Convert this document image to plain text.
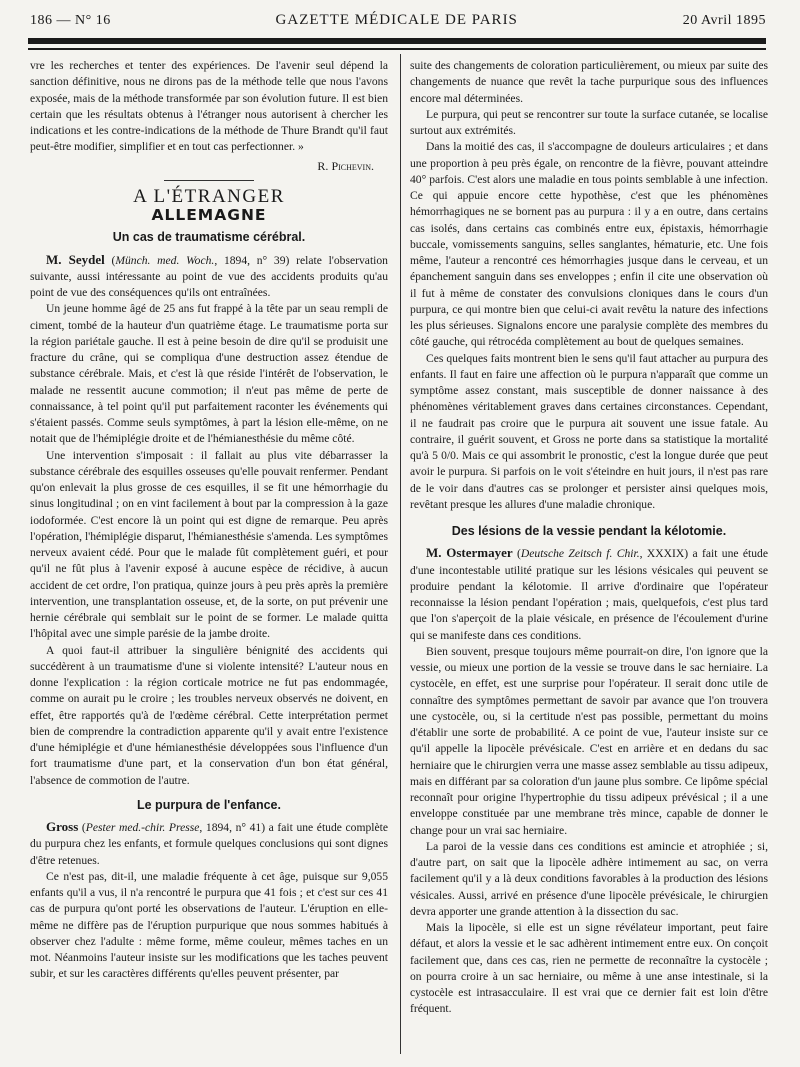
186 — N° 16	GAZETTE MÉDICALE DE PARIS	20 Avril 1895

vre les recherches et tenter des expériences. De l'avenir seul dépend la sanction définitive, nous ne dirons pas de la méthode telle que nous l'avons exposée, mais de la méthode transformée par son évolution future. Il est bien certain que les résultats obtenus à l'étranger nous autorisent à chercher les indications et les contre-indications de la méthode de Thure Brandt qu'il faut peut-être modifier, simplifier et en tout cas perfectionner. »

R. Pichevin.
A L'ÉTRANGER
ALLEMAGNE
Un cas de traumatisme cérébral.

M. Seydel (Münch. med. Woch., 1894, n° 39) relate l'observation suivante, aussi intéressante au point de vue des accidents produits qu'au point de vue des conséquences qu'ils ont entraînées.

Un jeune homme âgé de 25 ans fut frappé à la tête par un seau rempli de ciment, tombé de la hauteur d'un quatrième étage. Le traumatisme porta sur la région pariétale gauche. Il est à peine besoin de dire qu'il se produisit une fracture du crâne, qui se compliqua d'une destruction assez étendue de substance cérébrale. Mais, et c'est là que réside l'intérêt de l'observation, le malade ne ressentit aucune commotion; il n'eut pas même de perte de connaissance, à tel point qu'il put parfaitement raconter les événements qui s'étaient passés. Comme seuls symptômes, à part la lésion elle-même, on ne notait que de l'hémiplégie droite et de l'hémianesthésie du même côté.

Une intervention s'imposait : il fallait au plus vite débarrasser la substance cérébrale des esquilles osseuses qu'elle pouvait renfermer. Pendant qu'on enlevait la plus grosse de ces esquilles, il se fit une hémorrhagie du sinus longitudinal ; on en vint facilement à bout par la compression à la gaze iodoformée. C'est encore là un point qui est digne de remarque. Peu après l'opération, l'hémiplégie disparut, l'hémianesthésie s'amenda. Les symptômes nerveux avaient cédé. Pour que le malade fût complètement guéri, et pour qu'il ne fût plus à l'avenir exposé à aucune espèce de récidive, à aucun accident de cet ordre, l'on pratiqua, quinze jours à peu près après la première intervention, une transplantation osseuse, et, de la sorte, on put prévenir une hernie cérébrale qui semblait sur le point de se former. Le malade quitta l'hôpital avec une simple parésie de la jambe droite.

A quoi faut-il attribuer la singulière bénignité des accidents qui succédèrent à un traumatisme d'une si violente intensité? L'auteur nous en donne l'explication : la région corticale motrice ne fut pas endommagée, comme on aurait pu le croire ; les troubles nerveux observés ne doivent, en effet, être rapportés qu'à de l'œdème cérébral. Cette interprétation permet bien de comprendre la contradiction apparente qu'il y avait entre l'existence d'une hémiplégie et d'une hémianesthésie développées sous l'influence d'un fort traumatisme d'une part, et la conservation d'un bon état général, l'absence de commotion de l'autre.

Le purpura de l'enfance.

Gross (Pester med.-chir. Presse, 1894, n° 41) a fait une étude complète du purpura chez les enfants, et formule quelques conclusions qui sont dignes d'être retenues.

Ce n'est pas, dit-il, une maladie fréquente à cet âge, puisque sur 9,055 enfants qu'il a vus, il n'a rencontré le purpura que 41 fois ; et c'est sur ces 41 cas de purpura qu'ont porté les observations de l'auteur. L'éruption en elle-même ne diffère pas de l'éruption purpurique que nous sommes habitués à observer chez l'adulte : même forme, même couleur, mêmes taches en un mot. Néanmoins l'auteur insiste sur les modifications que les taches peuvent subir, et sur les caractères différents qu'elles peuvent présenter, par

suite des changements de coloration particulièrement, ou mieux par suite des changements de nuance que revêt la tache purpurique sous des influences encore mal déterminées.

Le purpura, qui peut se rencontrer sur toute la surface cutanée, se localise surtout aux extrémités.

Dans la moitié des cas, il s'accompagne de douleurs articulaires ; et dans une proportion à peu près égale, on rencontre de la fièvre, pouvant atteindre 40° parfois. C'est alors une maladie en tous points semblable à une infection. Ce qui appuie encore cette hypothèse, c'est que les phénomènes hémorrhagiques ne se bornent pas au purpura : il y a en outre, dans certains cas isolés, dans certains cas combinés entre eux, épistaxis, hémorrhagie buccale, vomissements sanguins, selles sanglantes, hématurie, etc. Une fois même, l'auteur a rencontré ces hémorrhagies jusque dans le cerveau, et un épanchement sanguin dans ses enveloppes ; enfin il cite une observation où il fut à même de constater des convulsions cloniques dans le cours d'un purpura, ce qui montre bien que celui-ci avait revêtu la nature des infections les plus sérieuses. Signalons encore une paralysie complète des membres du côté gauche, qui rétrocéda complètement au bout de quelques semaines.

Ces quelques faits montrent bien le sens qu'il faut attacher au purpura des enfants. Il faut en faire une affection où le purpura n'apparaît que comme un symptôme assez constant, mais susceptible de donner naissance à des phénomènes véritablement graves dans certaines circonstances. Cependant, il ne faudrait pas croire que le purpura ait souvent une issue fatale. Au contraire, il guérit souvent, et Gross ne porte dans sa statistique la mortalité qu'à 5 0/0. Mais ce qui assombrit le pronostic, c'est la longue durée que peut avoir le purpura. Si parfois on le voit s'éteindre en huit jours, il n'est pas rare de le voir dans d'autres cas se prolonger et persister ainsi quelques mois, revêtant presque les allures d'une maladie chronique.

Des lésions de la vessie pendant la kélotomie.

M. Ostermayer (Deutsche Zeitsch f. Chir., XXXIX) a fait une étude d'une incontestable utilité pratique sur les lésions vésicales qui peuvent se produire pendant la kélotomie. Il arrive d'ordinaire que l'opérateur reconnaisse la lésion pendant l'opération ; mais, quelquefois, c'est plus tard que l'on s'aperçoit de la plaie vésicale, en présence de l'écoulement d'urine qui se manifeste dans ces conditions.

Bien souvent, presque toujours même pourrait-on dire, l'on ignore que la vessie, ou mieux une portion de la vessie se trouve dans le sac herniaire. La cystocèle, en effet, est une surprise pour l'opérateur. Il serait donc utile de connaître des symptômes permettant de savoir par avance que l'on trouvera une cystocèle, ou, si la certitude n'est pas possible, permettant du moins d'établir une sorte de probabilité. A ce point de vue, l'auteur insiste sur ce qu'il appelle la lipocèle prévésicale. C'est en arrière et en dedans du sac herniaire que le chirurgien verra une masse assez semblable au tissu adipeux, mais en différant par sa coloration d'un jaune plus sombre. Ce lipôme spécial reconnaît pour origine l'hypertrophie du tissu adipeux prévésical ; il a une enveloppe constituée par une membrane très mince, capable de donner le change pour un vrai sac herniaire.

La paroi de la vessie dans ces conditions est amincie et atrophiée ; si, d'autre part, on sait que la lipocèle adhère intimement au sac, on verra facilement qu'il y a là deux conditions favorables à la production des lésions vésicales. Aussi, arrivé en présence d'une lipocèle prévésicale, le chirurgien devra apporter une grande attention à la dissection du sac.

Mais la lipocèle, si elle est un signe révélateur important, peut faire défaut, et alors la vessie et le sac adhèrent intimement entre eux. On conçoit facilement que, dans ces cas, rien ne permette de reconnaître la cystocèle ; on pourra croire à un sac herniaire, ou même à une anse intestinale, si la cystocèle est intrasacculaire. Il est vrai que ce dernier fait est loin d'être fréquent.
